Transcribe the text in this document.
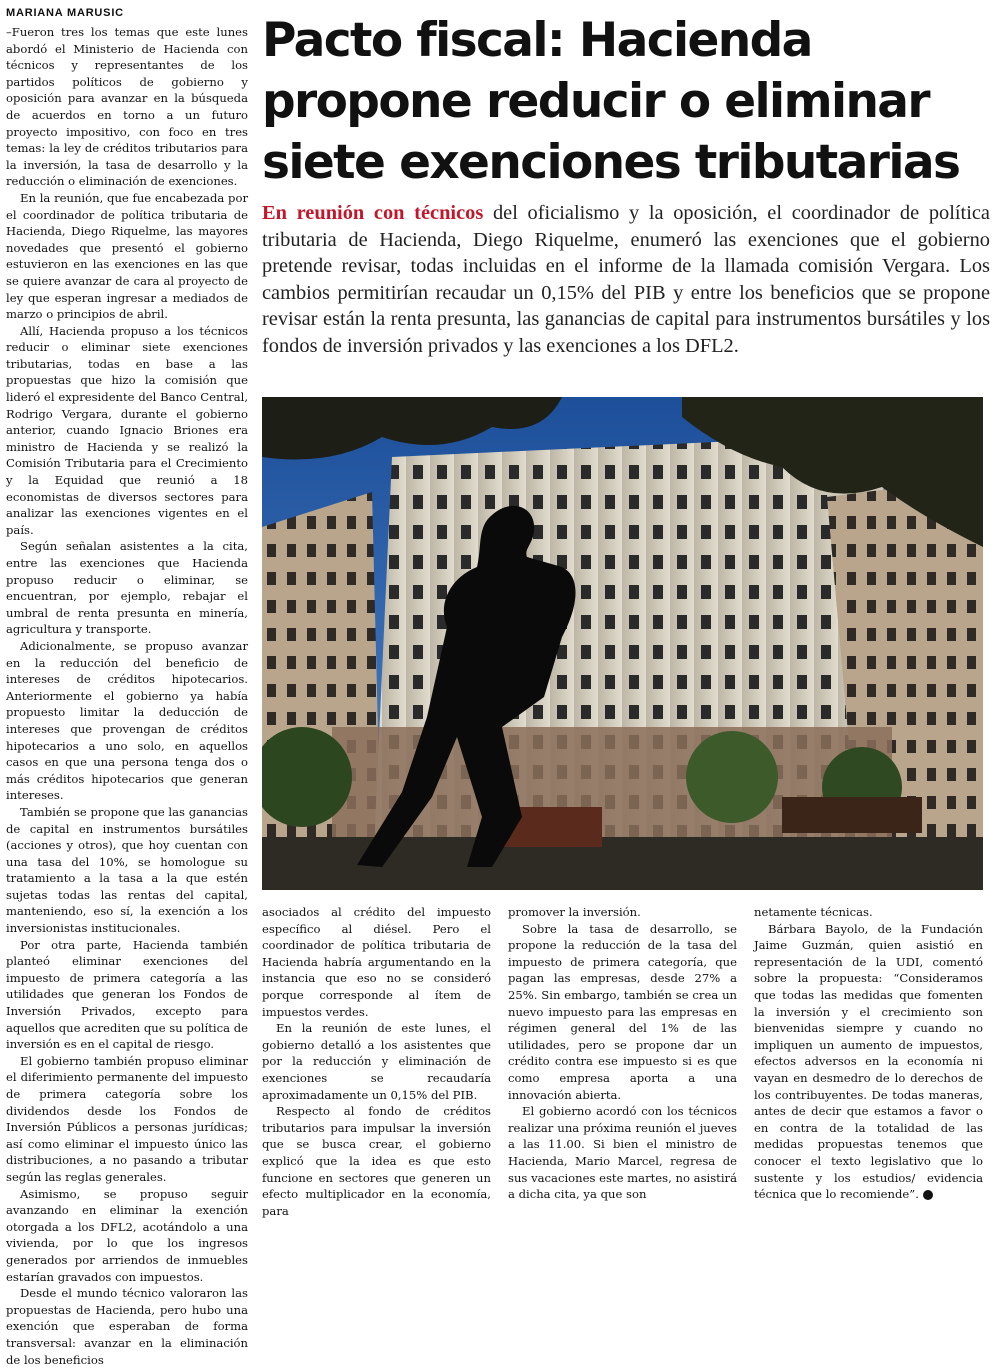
MARIANA MARUSIC

–Fueron tres los temas que este lunes abordó el Ministerio de Hacienda con técnicos y representantes de los partidos políticos de gobierno y oposición para avanzar en la búsqueda de acuerdos en torno a un futuro proyecto impositivo, con foco en tres temas: la ley de créditos tributarios para la inversión, la tasa de desarrollo y la reducción o eliminación de exenciones.

En la reunión, que fue encabezada por el coordinador de política tributaria de Hacienda, Diego Riquelme, las mayores novedades que presentó el gobierno estuvieron en las exenciones en las que se quiere avanzar de cara al proyecto de ley que esperan ingresar a mediados de marzo o principios de abril.

Allí, Hacienda propuso a los técnicos reducir o eliminar siete exenciones tributarias, todas en base a las propuestas que hizo la comisión que lideró el expresidente del Banco Central, Rodrigo Vergara, durante el gobierno anterior, cuando Ignacio Briones era ministro de Hacienda y se realizó la Comisión Tributaria para el Crecimiento y la Equidad que reunió a 18 economistas de diversos sectores para analizar las exenciones vigentes en el país.

Según señalan asistentes a la cita, entre las exenciones que Hacienda propuso reducir o eliminar, se encuentran, por ejemplo, rebajar el umbral de renta presunta en minería, agricultura y transporte.

Adicionalmente, se propuso avanzar en la reducción del beneficio de intereses de créditos hipotecarios. Anteriormente el gobierno ya había propuesto limitar la deducción de intereses que provengan de créditos hipotecarios a uno solo, en aquellos casos en que una persona tenga dos o más créditos hipotecarios que generan intereses.

También se propone que las ganancias de capital en instrumentos bursátiles (acciones y otros), que hoy cuentan con una tasa del 10%, se homologue su tratamiento a la tasa a la que estén sujetas todas las rentas del capital, manteniendo, eso sí, la exención a los inversionistas institucionales.

Por otra parte, Hacienda también planteó eliminar exenciones del impuesto de primera categoría a las utilidades que generan los Fondos de Inversión Privados, excepto para aquellos que acrediten que su política de inversión es en el capital de riesgo.

El gobierno también propuso eliminar el diferimiento permanente del impuesto de primera categoría sobre los dividendos desde los Fondos de Inversión Públicos a personas jurídicas; así como eliminar el impuesto único las distribuciones, a no pasando a tributar según las reglas generales.

Asimismo, se propuso seguir avanzando en eliminar la exención otorgada a los DFL2, acotándolo a una vivienda, por lo que los ingresos generados por arriendos de inmuebles estarían gravados con impuestos.

Desde el mundo técnico valoraron las propuestas de Hacienda, pero hubo una exención que esperaban de forma transversal: avanzar en la eliminación de los beneficios

Pacto fiscal: Hacienda propone reducir o eliminar siete exenciones tributarias

En reunión con técnicos del oficialismo y la oposición, el coordinador de política tributaria de Hacienda, Diego Riquelme, enumeró las exenciones que el gobierno pretende revisar, todas incluidas en el informe de la llamada comisión Vergara. Los cambios permitirían recaudar un 0,15% del PIB y entre los beneficios que se propone revisar están la renta presunta, las ganancias de capital para instrumentos bursátiles y los fondos de inversión privados y las exenciones a los DFL2.

asociados al crédito del impuesto específico al diésel. Pero el coordinador de política tributaria de Hacienda habría argumentando en la instancia que eso no se consideró porque corresponde al ítem de impuestos verdes.

En la reunión de este lunes, el gobierno detalló a los asistentes que por la reducción y eliminación de exenciones se recaudaría aproximadamente un 0,15% del PIB.

Respecto al fondo de créditos tributarios para impulsar la inversión que se busca crear, el gobierno explicó que la idea es que esto funcione en sectores que generen un efecto multiplicador en la economía, para

promover la inversión.

Sobre la tasa de desarrollo, se propone la reducción de la tasa del impuesto de primera categoría, que pagan las empresas, desde 27% a 25%. Sin embargo, también se crea un nuevo impuesto para las empresas en régimen general del 1% de las utilidades, pero se propone dar un crédito contra ese impuesto si es que como empresa aporta a una innovación abierta.

El gobierno acordó con los técnicos realizar una próxima reunión el jueves a las 11.00. Si bien el ministro de Hacienda, Mario Marcel, regresa de sus vacaciones este martes, no asistirá a dicha cita, ya que son

netamente técnicas.

Bárbara Bayolo, de la Fundación Jaime Guzmán, quien asistió en representación de la UDI, comentó sobre la propuesta: “Consideramos que todas las medidas que fomenten la inversión y el crecimiento son bienvenidas siempre y cuando no impliquen un aumento de impuestos, efectos adversos en la economía ni vayan en desmedro de lo derechos de los contribuyentes. De todas maneras, antes de decir que estamos a favor o en contra de la totalidad de las medidas propuestas tenemos que conocer el texto legislativo que lo sustente y los estudios/ evidencia técnica que lo recomiende”.	P
